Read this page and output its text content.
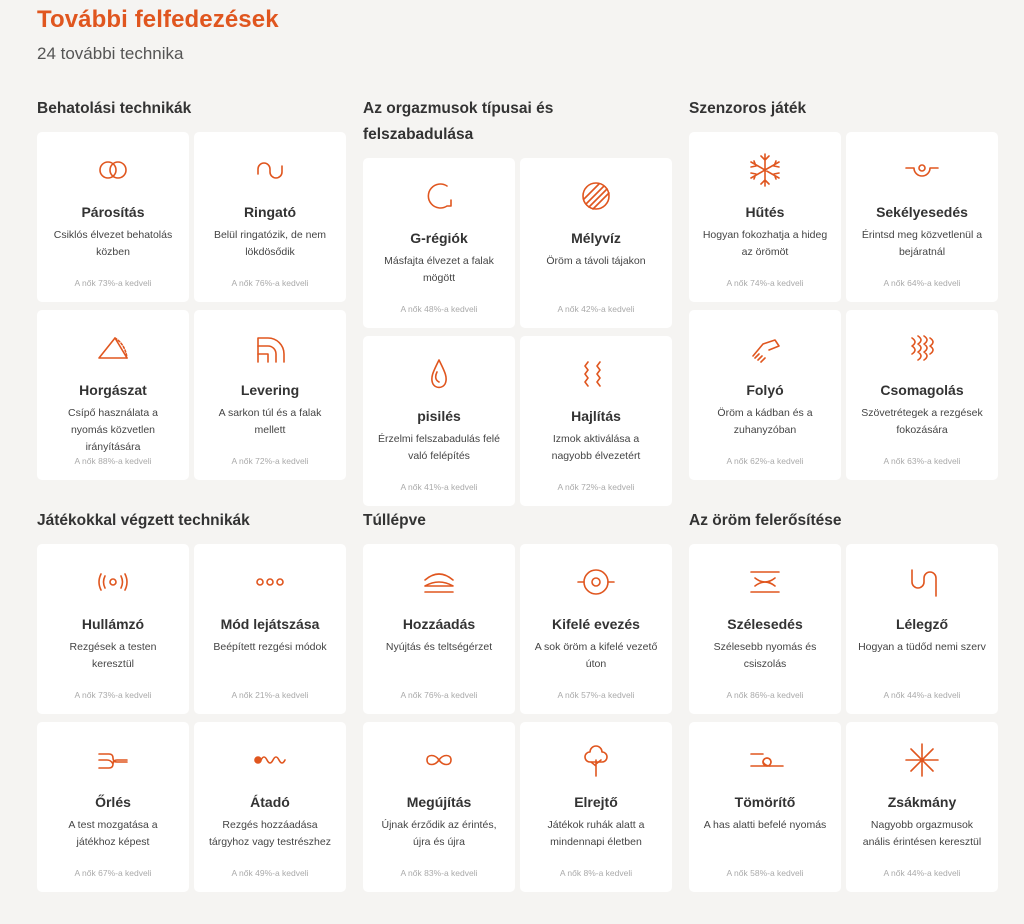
További felfedezések
24 további technika
Behatolási technikák
Párosítás
Csiklós élvezet behatolás közben
A nők 73%-a kedveli
Ringató
Belül ringatózik, de nem lökdösődik
A nők 76%-a kedveli
Horgászat
Csípő használata a nyomás közvetlen irányítására
A nők 88%-a kedveli
Levering
A sarkon túl és a falak mellett
A nők 72%-a kedveli
Az orgazmusok típusai és felszabadulása
G-régiók
Másfajta élvezet a falak mögött
A nők 48%-a kedveli
Mélyvíz
Öröm a távoli tájakon
A nők 42%-a kedveli
pisilés
Érzelmi felszabadulás felé való felépítés
A nők 41%-a kedveli
Hajlítás
Izmok aktiválása a nagyobb élvezetért
A nők 72%-a kedveli
Szenzoros játék
Hűtés
Hogyan fokozhatja a hideg az örömöt
A nők 74%-a kedveli
Sekélyesedés
Érintsd meg közvetlenül a bejáratnál
A nők 64%-a kedveli
Folyó
Öröm a kádban és a zuhanyzóban
A nők 62%-a kedveli
Csomagolás
Szövetrétegek a rezgések fokozására
A nők 63%-a kedveli
Játékokkal végzett technikák
Hullámzó
Rezgések a testen keresztül
A nők 73%-a kedveli
Mód lejátszása
Beépített rezgési módok
A nők 21%-a kedveli
Őrlés
A test mozgatása a játékhoz képest
A nők 67%-a kedveli
Átadó
Rezgés hozzáadása tárgyhoz vagy testrészhez
A nők 49%-a kedveli
Túllépve
Hozzáadás
Nyújtás és teltségérzet
A nők 76%-a kedveli
Kifelé evezés
A sok öröm a kifelé vezető úton
A nők 57%-a kedveli
Megújítás
Újnak érződik az érintés, újra és újra
A nők 83%-a kedveli
Elrejtő
Játékok ruhák alatt a mindennapi életben
A nők 8%-a kedveli
Az öröm felerősítése
Szélesedés
Szélesebb nyomás és csiszolás
A nők 86%-a kedveli
Lélegző
Hogyan a tüdőd nemi szerv
A nők 44%-a kedveli
Tömörítő
A has alatti befelé nyomás
A nők 58%-a kedveli
Zsákmány
Nagyobb orgazmusok anális érintésen keresztül
A nők 44%-a kedveli
